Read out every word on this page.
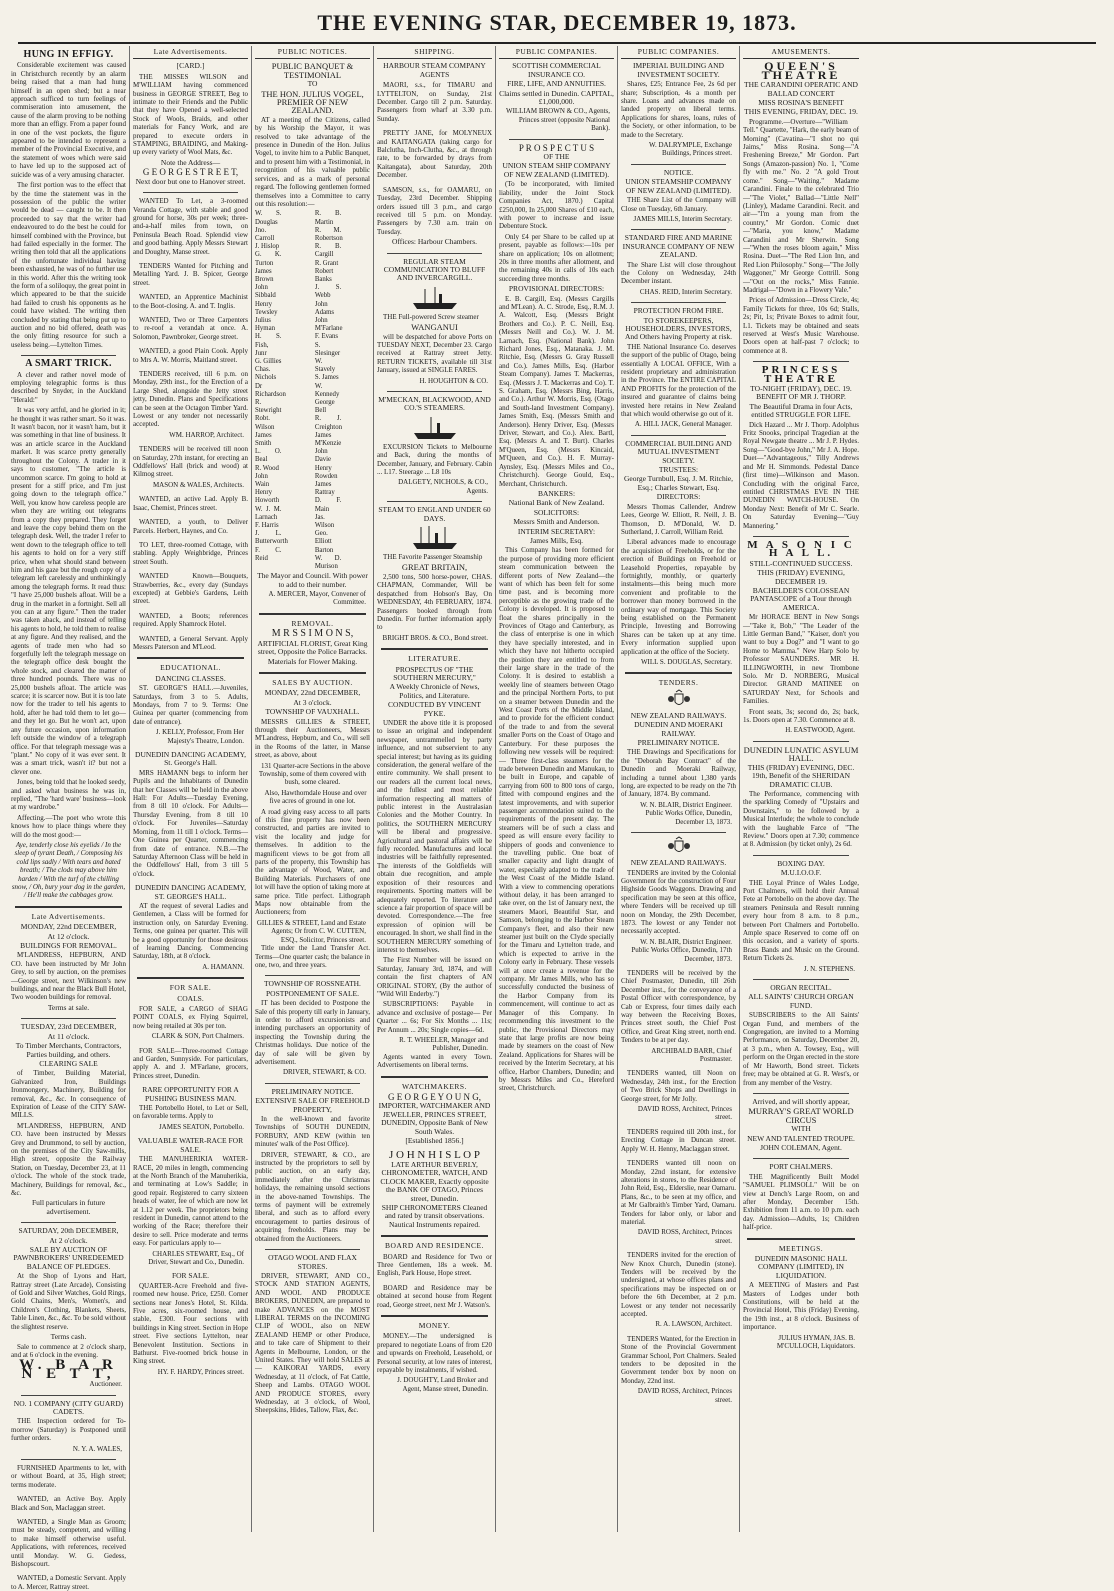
THE EVENING STAR, DECEMBER 19, 1873.
HUNG IN EFFIGY.

Considerable excitement was caused in Christchurch recently by an alarm being raised that a man had hung himself in an open shed; but a near approach sufficed to turn feelings of commiseration into amusement, the cause of the alarm proving to be nothing more than an effigy. From a paper found in one of the vest pockets, the figure appeared to be intended to represent a member of the Provincial Executive, and the statement of woes which were said to have led up to the supposed act of suicide was of a very amusing character.

The first portion was to the effect that by the time the statement was in the possession of the public the writer would be dead — caught to be. It then proceeded to say that the writer had endeavoured to do the best he could for himself combined with the Province, but had failed especially in the former. The writing then told that all the applications of the unfortunate individual having been exhausted, he was of no further use in this world. After this the writing took the form of a soliloquy, the great point in which appeared to be that the suicide had failed to crush his opponents as he could have wished. The writing then concluded by stating that being put up to auction and no bid offered, death was the only fitting resource for such a useless being.—Lyttelton Times.

A SMART TRICK.

A clever and rather novel mode of employing telegraphic forms is thus described by Snyder, in the Auckland "Herald:"

It was very artful, and he gloried in it; he thought it was rather smart. So it was. It wasn't bacon, nor it wasn't ham, but it was something in that line of business. It was an article scarce in the Auckland market. It was scarce pretty generally throughout the Colony. A trader in it says to customer, "The article is uncommon scarce. I'm going to hold at present for a stiff price, and I'm just going down to the telegraph office." Well, you know how careless people are when they are writing out telegrams from a copy they prepared. They forget and leave the copy behind them on the telegraph desk. Well, the trader I refer to went down to the telegraph office to tell his agents to hold on for a very stiff price, when what should stand between him and his gaze but the rough copy of a telegram left carelessly and unthinkingly among the telegraph forms. It read thus: "I have 25,000 bushels afloat. Will be a drug in the market in a fortnight. Sell all you can at any figure." Then the trader was taken aback, and instead of telling his agents to hold, he told them to realise at any figure. And they realised, and the agents of trade men who had so forgetfully left the telegraph message on the telegraph office desk bought the whole stock, and cleared the matter of three hundred pounds. There was no 25,000 bushels afloat. The article was scarce; it is scarcer now. But it is too late now for the trader to tell his agents to hold, after he had told them to let go—and they let go. But he won't act, upon any future occasion, upon information left outside the window of a telegraph office. For that telegraph message was a "plant." No copy of it was ever sent. It was a smart trick, wasn't it? but not a clever one.

Jones, being told that he looked seedy, and asked what business he was in, replied, "The 'hard ware' business—look at my wardrobe."

Affecting.—The poet who wrote this knows how to place things where they will do the most good:—

Aye, tenderly close his eyelids / In the sleep of tyrant Death, / Composing his cold lips sadly / With tears and bated breath; / The clods may above him harden / With the turf of the chilling snow, / Oh, bury your dog in the garden, / He'll make the cabbages grow.

Late Advertisements.
MONDAY, 22nd DECEMBER,
At 12 o'clock.
BUILDINGS FOR REMOVAL.

M'LANDRESS, HEPBURN, AND CO. have been instructed by Mr John Grey, to sell by auction, on the premises—George street, next Wilkinson's new buildings, and near the Black Bull Hotel, Two wooden buildings for removal.

Terms at sale.
TUESDAY, 23rd DECEMBER,
At 11 o'clock.
To Timber Merchants, Contractors, Parties building, and others.
CLEARING SALE

of Timber, Building Material, Galvanized Iron, Buildings Ironmongery, Machinery, Building for removal, &c., &c. In consequence of Expiration of Lease of the CITY SAW-MILLS.

M'LANDRESS, HEPBURN, AND CO. have been instructed by Messrs Grey and Drummond, to sell by auction, on the premises of the City Saw-mills, High street, opposite the Railway Station, on Tuesday, December 23, at 11 o'clock. The whole of the stock trade, Machinery, Buildings for removal, &c., &c.

Full particulars in future advertisement.
SATURDAY, 20th DECEMBER,
At 2 o'clock.
SALE BY AUCTION OF PAWNBROKERS' UNREDEEMED BALANCE OF PLEDGES.

At the Shop of Lyons and Hart, Rattray street (Late Arcade), Consisting of Gold and Silver Watches, Gold Rings, Gold Chains, Men's, Women's, and Children's Clothing, Blankets, Sheets, Table Linen, &c., &c. To be sold without the slightest reserve.

Terms cash.

Sale to commence at 2 o'clock sharp, and at 6 o'clock in the evening.

W. B A R N E T T,
Auctioneer.
NO. 1 COMPANY (CITY GUARD) CADETS.

THE Inspection ordered for To-morrow (Saturday) is Postponed until further orders.

N. Y. A. WALES,

FURNISHED Apartments to let, with or without Board, at 35, High street; terms moderate.

WANTED, an Active Boy. Apply Black and Son, Maclaggan street.

WANTED, a Single Man as Groom; must be steady, competent, and willing to make himself otherwise useful. Applications, with references, received until Monday. W. G. Gedess, Bishopscourt.

WANTED, a Domestic Servant. Apply to A. Mercer, Rattray street.

Late Advertisements.
[CARD.]

THE MISSES WILSON and M'WILLIAM having commenced business in GEORGE STREET, Beg to intimate to their Friends and the Public that they have Opened a well-selected Stock of Wools, Braids, and other materials for Fancy Work, and are prepared to execute orders in STAMPING, BRAIDING, and Making-up every variety of Wool Mats, &c.

Note the Address—
G E O R G E S T R E E T,
Next door but one to Hanover street.

WANTED To Let, a 3-roomed Veranda Cottage, with stable and good ground for horse, 30s per week; three-and-a-half miles from town, on Peninsula Beach Road. Splendid view and good bathing. Apply Messrs Stewart and Doughty, Manse street.

TENDERS Wanted for Pitching and Metalling Yard. J. B. Spicer, George street.

WANTED, an Apprentice Machinist to the Boot-closing. A. and T. Inglis.

WANTED, Two or Three Carpenters to re-roof a verandah at once. A. Solomon, Pawnbroker, George street.

WANTED, a good Plain Cook. Apply to Mrs A. W. Morris, Maitland street.

TENDERS received, till 6 p.m. on Monday, 29th inst., for the Erection of a Large Shed, alongside the Jetty street jetty, Dunedin. Plans and Specifications can be seen at the Octagon Timber Yard. Lowest or any tender not necessarily accepted.

WM. HARROP, Architect.

TENDERS will be received till noon on Saturday, 27th instant, for erecting an Oddfellows' Hall (brick and wood) at Kilmog street.

MASON & WALES, Architects.

WANTED, an active Lad. Apply B. Isaac, Chemist, Princes street.

WANTED, a youth, to Deliver Parcels. Herbert, Haynes, and Co.

TO LET, three-roomed Cottage, with stabling. Apply Weighbridge, Princes street South.

WANTED Known—Bouquets, Strawberries, &c., every day (Sundays excepted) at Gebbie's Gardens, Leith street.

WANTED, a Boots; references required. Apply Shamrock Hotel.

WANTED, a General Servant. Apply Messrs Paterson and M'Leod.

EDUCATIONAL.
DANCING CLASSES.

ST. GEORGE'S HALL.—Juveniles, Saturdays, from 3 to 5. Adults, Mondays, from 7 to 9. Terms: One Guinea per quarter (commencing from date of entrance).

J. KELLY, Professor, From Her Majesty's Theatre, London.
DUNEDIN DANCING ACADEMY, St. George's Hall.

MRS HAMANN begs to inform her Pupils and the Inhabitants of Dunedin that her Classes will be held in the above Hall: For Adults—Tuesday Evening, from 8 till 10 o'clock. For Adults—Thursday Evening, from 8 till 10 o'clock. For Juveniles—Saturday Morning, from 11 till 1 o'clock. Terms—One Guinea per Quarter, commencing from date of entrance. N.B.—The Saturday Afternoon Class will be held in the Oddfellows' Hall, from 3 till 5 o'clock.

DUNEDIN DANCING ACADEMY, ST. GEORGE'S HALL.

AT the request of several Ladies and Gentlemen, a Class will be formed for instruction only, on Saturday Evening. Terms, one guinea per quarter. This will be a good opportunity for those desirous of learning Dancing. Commencing Saturday, 18th, at 8 o'clock.

A. HAMANN.
FOR SALE.
COALS.

FOR SALE, a CARGO of SHAG POINT COALS, ex Flying Squirrel, now being retailed at 30s per ton.

CLARK & SON, Port Chalmers.

FOR SALE—Three-roomed Cottage and Garden, Sunnyside. For particulars, apply A. and J. M'Farlane, grocers, Princes street, Dunedin.

RARE OPPORTUNITY FOR A PUSHING BUSINESS MAN.

THE Portobello Hotel, to Let or Sell, on favorable terms. Apply to

JAMES SEATON, Portobello.
VALUABLE WATER-RACE FOR SALE.

THE MANUHERIKIA WATER-RACE, 20 miles in length, commencing at the North Branch of the Manuherikia, and terminating at Low's Saddle; in good repair. Registered to carry sixteen heads of water, fee of which are now let at 1.12 per week. The proprietors being resident in Dunedin, cannot attend to the working of the Race; therefore their desire to sell. Price moderate and terms easy. For particulars apply to—

CHARLES STEWART, Esq., Of Driver, Stewart and Co., Dunedin.
FOR SALE.

QUARTER-Acre Freehold and five-roomed new house. Price, £250. Corner sections near Jones's Hotel, St. Kilda. Five acres, six-roomed house, and stable, £300. Four sections with buildings in King street. Section in Hope street. Five sections Lyttelton, near Benevolent Institution. Sections in Bathurst. Five-roomed brick house in King street.

HY. F. HARDY, Princes street.
PUBLIC NOTICES.
PUBLIC BANQUET & TESTIMONIAL
TO
THE HON. JULIUS VOGEL, PREMIER OF NEW ZEALAND.

AT a meeting of the Citizens, called by his Worship the Mayor, it was resolved to take advantage of the presence in Dunedin of the Hon. Julius Vogel, to invite him to a Public Banquet, and to present him with a Testimonial, in recognition of his valuable public services, and as a mark of personal regard. The following gentlemen formed themselves into a Committee to carry out this resolution:—

W. S. Douglas
Jno. Carroll
J. Hislop
G. K. Turton
James Brown
John Sibbald
Henry Tewsley
Julius Hyman
H. S. Fish, Junr
G. Gillies
Chas. Nichols
Dr Richardson
R. Stewright
Robt. Wilson
James Smith
L. O. Beal
R. Wood
John Wain
Henry Howorth
W. J. M. Larnach
F. Harris
J. L. Butterworth
F. C. Reid
R. B. Martin
R. M. Robertson
R. B. Cargill
R. Grant
Robert Banks
J. S. Webb
John Adams
John M'Farlane
F. Evans
S. Slesinger
W. Stavely
S. James
W. Kennedy
George Bell
R. J. Creighton
James M'Kenzie
John Davie
Henry Rowden
James Rattray
D. F. Main
Jas. Wilson
Geo. Elliott Barton
W. D. Murison
The Mayor and Council. With power to add to their number.
A. MERCER, Mayor, Convener of Committee.
REMOVAL.
M R S S I M O N S,
ARTIFICIAL FLORIST, Great King street, Opposite the Police Barracks.
Materials for Flower Making.
SALES BY AUCTION.
MONDAY, 22nd DECEMBER,
At 3 o'clock.
TOWNSHIP OF VAUXHALL.

MESSRS GILLIES & STREET, through their Auctioneers, Messrs M'Landress, Hepburn, and Co., will sell in the Rooms of the latter, in Manse street, as above, about

131 Quarter-acre Sections in the above Township, some of them covered with bush, some cleared.

Also, Hawthorndale House and over five acres of ground in one lot.

A road giving easy access to all parts of this fine property has now been constructed, and parties are invited to visit the locality and judge for themselves. In addition to the magnificent views to be got from all parts of the property, this Township has the advantage of Wood, Water, and Building Materials. Purchasers of one lot will have the option of taking more at same price. Title perfect. Lithograph Maps now obtainable from the Auctioneers; from

GILLIES & STREET, Land and Estate Agents; Or from C. W. CUTTEN, ESQ., Solicitor, Princes street.

Title under the Land Transfer Act. Terms—One quarter cash; the balance in one, two, and three years.

TOWNSHIP OF ROSSNEATH.
POSTPONEMENT OF SALE.

IT has been decided to Postpone the Sale of this property till early in January, in order to afford excursionists and intending purchasers an opportunity of inspecting the Township during the Christmas holidays. Due notice of the day of sale will be given by advertisement.

DRIVER, STEWART, & CO.
PRELIMINARY NOTICE.
EXTENSIVE SALE OF FREEHOLD PROPERTY,

In the well-known and favorite Townships of SOUTH DUNEDIN, FORBURY, AND KEW (within ten minutes' walk of the Post Office).

DRIVER, STEWART, & CO., are instructed by the proprietors to sell by public auction, on an early day, immediately after the Christmas holidays, the remaining unsold sections in the above-named Townships. The terms of payment will be extremely liberal, and such as to afford every encouragement to parties desirous of acquiring freeholds. Plans may be obtained from the Auctioneers.

OTAGO WOOL AND FLAX STORES.

DRIVER, STEWART, AND CO., STOCK AND STATION AGENTS, AND WOOL AND PRODUCE BROKERS, DUNEDIN, are prepared to make ADVANCES on the MOST LIBERAL TERMS on the INCOMING CLIP of WOOL, also on NEW ZEALAND HEMP or other Produce, and to take care of Shipment to their Agents in Melbourne, London, or the United States. They will hold SALES at— KAIKORAI YARDS, every Wednesday, at 11 o'clock, of Fat Cattle, Sheep and Lambs. OTAGO WOOL AND PRODUCE STORES, every Wednesday, at 3 o'clock, of Wool, Sheepskins, Hides, Tallow, Flax, &c.

SHIPPING.
HARBOUR STEAM COMPANY AGENTS

MAORI, s.s., for TIMARU and LYTTELTON, on Sunday, 21st December. Cargo till 2 p.m. Saturday. Passengers from wharf at 3.30 p.m. Sunday.

PRETTY JANE, for MOLYNEUX and KAITANGATA (taking cargo for Balclutha, Inch-Clutha, &c., at through rate, to be forwarded by drays from Kaitangata), about Saturday, 20th December.

SAMSON, s.s., for OAMARU, on Tuesday, 23rd December. Shipping orders issued till 3 p.m., and cargo received till 5 p.m. on Monday. Passengers by 7.30 a.m. train on Tuesday.

Offices: Harbour Chambers.
REGULAR STEAM COMMUNICATION TO BLUFF AND INVERCARGILL.

THE Full-powered Screw steamer

WANGANUI

will be despatched for above Ports on TUESDAY NEXT, December 23. Cargo received at Rattray street Jetty. RETURN TICKETS, available till 31st January, issued at SINGLE FARES.

H. HOUGHTON & CO.
M'MECKAN, BLACKWOOD, AND CO.'S STEAMERS.

EXCURSION Tickets to Melbourne and Back, during the months of December, January, and February. Cabin ... L17. Steerage ... L8 10s

DALGETY, NICHOLS, & CO., Agents.
STEAM TO ENGLAND UNDER 60 DAYS.

THE Favorite Passenger Steamship

GREAT BRITAIN,

2,500 tons, 500 horse-power, CHAS. CHAPMAN, Commander, Will be despatched from Hobson's Bay, On WEDNESDAY, 4th FEBRUARY, 1874. Passengers booked through from Dunedin. For further information apply to

BRIGHT BROS. & CO., Bond street.
LITERATURE.
PROSPECTUS OF "THE SOUTHERN MERCURY,"
A Weekly Chronicle of News, Politics, and Literature.
CONDUCTED BY VINCENT PYKE.

UNDER the above title it is proposed to issue an original and independent newspaper, untrammelled by party influence, and not subservient to any special interest; but having as its guiding consideration, the general welfare of the entire community. We shall present to our readers all the current local news, and the fullest and most reliable information respecting all matters of public interest in the Australasian Colonies and the Mother Country. In politics, the SOUTHERN MERCURY will be liberal and progressive. Agricultural and pastoral affairs will be fully recorded. Manufactures and local industries will be faithfully represented. The interests of the Goldfields will obtain due recognition, and ample exposition of their resources and requirements. Sporting matters will be adequately reported. To literature and science a fair proportion of space will be devoted. Correspondence.—The free expression of opinion will be encouraged. In short, we shall find in the SOUTHERN MERCURY something of interest to themselves.

The First Number will be issued on Saturday, January 3rd, 1874, and will contain the first chapters of AN ORIGINAL STORY, (By the author of "Wild Will Enderby.")

SUBSCRIPTIONS: Payable in advance and exclusive of postage— Per Quarter ... 6s; For Six Months ... 11s; Per Annum ... 20s; Single copies—6d.

R. T. WHEELER, Manager and Publisher, Dunedin.

Agents wanted in every Town. Advertisements on liberal terms.

WATCHMAKERS.
G E O R G E Y O U N G,
IMPORTER, WATCHMAKER AND JEWELLER, PRINCES STREET, DUNEDIN, Opposite Bank of New South Wales.
[Established 1856.]
J O H N H I S L O P
LATE ARTHUR BEVERLY, CHRONOMETER, WATCH, AND CLOCK MAKER, Exactly opposite the BANK OF OTAGO, Princes street, Dunedin.
SHIP CHRONOMETERS Cleaned and rated by transit observations. Nautical Instruments repaired.
BOARD AND RESIDENCE.

BOARD and Residence for Two or Three Gentlemen, 18s a week. M. English, Park House, Hope street.

BOARD and Residence may be obtained at second house from Regent road, George street, next Mr J. Watson's.

MONEY.

MONEY.—The undersigned is prepared to negotiate Loans of from £20 and upwards on Freehold, Leasehold, or Personal security, at low rates of interest, repayable by instalments, if wished.

J. DOUGHTY, Land Broker and Agent, Manse street, Dunedin.
PUBLIC COMPANIES.
SCOTTISH COMMERCIAL INSURANCE CO.
FIRE, LIFE, AND ANNUITIES.
Claims settled in Dunedin. CAPITAL, £1,000,000.
WILLIAM BROWN & CO., Agents, Princes street (opposite National Bank).
P R O S P E C T U S
OF THE
UNION STEAM SHIP COMPANY OF NEW ZEALAND (LIMITED).

(To be incorporated, with limited liability, under the Joint Stock Companies Act, 1870.) Capital £250,000, In 25,000 Shares of £10 each, with power to increase and issue Debenture Stock.

Only £4 per Share to be called up at present, payable as follows:—10s per share on application; 10s on allotment; 20s in three months after allotment, and the remaining 40s in calls of 10s each succeeding three months.

PROVISIONAL DIRECTORS:

E. B. Cargill, Esq. (Messrs Cargills and M'Lean). A. C. Strode, Esq., R.M. J. A. Walcott, Esq. (Messrs Bright Brothers and Co.). P. C. Neill, Esq. (Messrs Neill and Co.). W. J. M. Larnach, Esq. (National Bank). John Richard Jones, Esq., Matanaka. J. M. Ritchie, Esq. (Messrs G. Gray Russell and Co.). James Mills, Esq. (Harbor Steam Company). James T. Mackerras, Esq. (Messrs J. T. Mackerras and Co). T. S. Graham, Esq. (Messrs Bing, Harris, and Co.). Arthur W. Morris, Esq. (Otago and South-land Investment Company). James Smith, Esq. (Messrs Smith and Anderson). Henry Driver, Esq. (Messrs Driver, Stewart, and Co.). Alex. Bartl, Esq. (Messrs A. and T. Burt). Charles M'Queen, Esq. (Messrs Kincaid, M'Queen, and Co.). H. F. Murray-Aynsley, Esq. (Messrs Miles and Co., Christchurch). George Gould, Esq., Merchant, Christchurch.

BANKERS:
National Bank of New Zealand.
SOLICITORS:
Messrs Smith and Anderson.
INTERIM SECRETARY:
James Mills, Esq.

This Company has been formed for the purpose of providing more efficient steam communication between the different ports of New Zealand—the want of which has been felt for some time past, and is becoming more perceptible as the growing trade of the Colony is developed. It is proposed to float the shares principally in the Provinces of Otago and Canterbury, as the class of enterprise is one in which they have specially interested, and in which they have not hitherto occupied the position they are entitled to from their large share in the trade of the Colony. It is desired to establish a weekly line of steamers between Otago and the principal Northern Ports, to put on a steamer between Dunedin and the West Coast Ports of the Middle Island, and to provide for the efficient conduct of the trade to and from the several smaller Ports on the Coast of Otago and Canterbury. For these purposes the following new vessels will be required:— Three first-class steamers for the trade between Dunedin and Manukau, to be built in Europe, and capable of carrying from 600 to 800 tons of cargo, fitted with compound engines and the latest improvements, and with superior passenger accommodation suited to the requirements of the present day. The steamers will be of such a class and speed as will ensure every facility to shippers of goods and convenience to the travelling public. One boat of smaller capacity and light draught of water, especially adapted to the trade of the West Coast of the Middle Island. With a view to commencing operations without delay, it has been arranged to take over, on the 1st of January next, the steamers Maori, Beautiful Star, and Samson, belonging to the Harbor Steam Company's fleet, and also their new steamer just built on the Clyde specially for the Timaru and Lyttelton trade, and which is expected to arrive in the Colony early in February. These vessels will at once create a revenue for the company. Mr James Mills, who has so successfully conducted the business of the Harbor Company from its commencement, will continue to act as Manager of this Company. In recommending this investment to the public, the Provisional Directors may state that large profits are now being made by steamers on the coast of New Zealand. Applications for Shares will be received by the Interim Secretary, at his office, Harbor Chambers, Dunedin; and by Messrs Miles and Co., Hereford street, Christchurch.

PUBLIC COMPANIES.
IMPERIAL BUILDING AND INVESTMENT SOCIETY.

Shares, £25; Entrance Fee, 2s 6d per share; Subscription, 4s a month per share. Loans and advances made on landed property on liberal terms. Applications for shares, loans, rules of the Society, or other information, to be made to the Secretary.

W. DALRYMPLE, Exchange Buildings, Princes street.
NOTICE.
UNION STEAMSHIP COMPANY OF NEW ZEALAND (LIMITED).

THE Share List of the Company will Close on Tuesday, 6th January.

JAMES MILLS, Interim Secretary.
STANDARD FIRE AND MARINE INSURANCE COMPANY OF NEW ZEALAND.

The Share List will close throughout the Colony on Wednesday, 24th December instant.

CHAS. REID, Interim Secretary.
PROTECTION FROM FIRE.
TO STOREKEEPERS, HOUSEHOLDERS, INVESTORS, And Others having Property at risk.

THE National Insurance Co. deserves the support of the public of Otago, being essentially A LOCAL OFFICE, With a resident proprietary and administration in the Province. The ENTIRE CAPITAL AND PROFITS for the protection of the insured and guarantee of claims being invested here retains in New Zealand that which would otherwise go out of it.

A. HILL JACK, General Manager.
COMMERCIAL BUILDING AND MUTUAL INVESTMENT SOCIETY.
TRUSTEES:
George Turnbull, Esq. J. M. Ritchie, Esq.; Charles Stewart, Esq.
DIRECTORS:

Messrs Thomas Callender, Andrew Lees, George W. Elliott, R. Neill, J. B. Thomson, D. M'Donald, W. D. Sutherland, J. Carroll, William Reid.

Liberal advances made to encourage the acquisition of Freeholds, or for the erection of Buildings on Freehold or Leasehold Properties, repayable by fortnightly, monthly, or quarterly instalments—this being much more convenient and profitable to the borrower than money borrowed in the ordinary way of mortgage. This Society being established on the Permanent Principle, Investing and Borrowing Shares can be taken up at any time. Every information supplied upon application at the office of the Society.

WILL S. DOUGLAS, Secretary.
TENDERS.
NEW ZEALAND RAILWAYS.
DUNEDIN AND MOERAKI RAILWAY.
PRELIMINARY NOTICE.

THE Drawings and Specifications for the "Deborah Bay Contract" of the Dunedin and Moeraki Railway, including a tunnel about 1,380 yards long, are expected to be ready on the 7th of January, 1874. By command.

W. N. BLAIR, District Engineer. Public Works Office, Dunedin, December 13, 1873.
NEW ZEALAND RAILWAYS.

TENDERS are invited by the Colonial Government for the construction of Four Highside Goods Waggons. Drawing and specification may be seen at this office, where Tenders will be received up till noon on Monday, the 29th December, 1873. The lowest or any Tender not necessarily accepted.

W. N. BLAIR, District Engineer. Public Works Office, Dunedin, 17th December, 1873.

TENDERS will be received by the Chief Postmaster, Dunedin, till 26th December inst., for the conveyance of a Postal Officer with correspondence, by Cab or Express, four times daily each way between the Receiving Boxes, Princes street south, the Chief Post Office, and Great King street, north end. Tenders to be at per day.

ARCHIBALD BARR, Chief Postmaster.

TENDERS wanted, till Noon on Wednesday, 24th inst., for the Erection of Two Brick Shops and Dwellings in George street, for Mr Jolly.

DAVID ROSS, Architect, Princes street.

TENDERS required till 20th inst., for Erecting Cottage in Duncan street. Apply W. H. Henny, Maclaggan street.

TENDERS wanted till noon on Monday, 22nd instant, for extensive alterations in stores, to the Residence of John Reid, Esq., Elderslie, near Oamaru. Plans, &c., to be seen at my office, and at Mr Galbraith's Timber Yard, Oamaru. Tenders for labor only, or labor and material.

DAVID ROSS, Architect, Princes street.

TENDERS invited for the erection of New Knox Church, Dunedin (stone). Tenders will be received by the undersigned, at whose offices plans and specifications may be inspected on or before the 6th December, at 2 p.m. Lowest or any tender not necessarily accepted.

R. A. LAWSON, Architect.

TENDERS Wanted, for the Erection in Stone of the Provincial Government Grammar School, Port Chalmers. Sealed tenders to be deposited in the Government tender box by noon on Monday, 22nd inst.

DAVID ROSS, Architect, Princes street.
AMUSEMENTS.
QUEEN'S THEATRE
THE CARANDINI OPERATIC AND BALLAD CONCERT
MISS ROSINA'S BENEFIT
THIS EVENING, FRIDAY, DEC. 19.

Programme.—Overture—"William Tell." Quartette, "Hark, the early beam of Morning" (Cavatina—"I shot no qui Jaims," Miss Rosina. Song—"A Freshening Breeze," Mr Gordon. Part Songs (Amazon-passion) No. 1, "Come fly with me." No. 2 "A gold Trout come." Song—"Waiting." Madame Carandini. Finale to the celebrated Trio—"The Violet," Ballad—"Little Nell" (Linley), Madame Carandini. Recit. and air—"I'm a young man from the country," Mr Gordon. Comic duet—"Maria, you know," Madame Carandini and Mr Sherwin. Song—"When the roses bloom again," Miss Rosina. Duet—"The Red Lion Inn, and Red Lion Philosophy." Song—"The Jolly Waggoner," Mr George Cottrill. Song—"Out on the rocks," Miss Fannie. Madrigal—"Down in a Flowery Vale."

Prices of Admission—Dress Circle, 4s; Family Tickets for three, 10s 6d; Stalls, 2s; Pit, 1s; Private Boxes to admit four, L1. Tickets may be obtained and seats reserved at West's Music Warehouse. Doors open at half-past 7 o'clock; to commence at 8.

PRINCESS THEATRE
TO-NIGHT (FRIDAY), DEC. 19. BENEFIT OF MR J. THORP.
The Beautiful Drama in four Acts, entitled STRUGGLE FOR LIFE.

Dick Hazard ... Mr J. Thorp. Adolphus Fritz Snooks, principal Tragedian at the Royal Newgate theatre ... Mr J. P. Hydes. Song—"Good-bye John," Mr J. A. Hope. Duet—"Advantageous," Tilly Andrews and Mr H. Simmonds. Pedestal Dance (first time)—Wilkinson and Mason. Concluding with the original Farce, entitled CHRISTMAS EVE IN THE DUNEDIN WATCH-HOUSE. On Monday Next: Benefit of Mr C. Searle. On Saturday Evening—"Guy Mannering."

M A S O N I C H A L L.
STILL-CONTINUED SUCCESS.
THIS (FRIDAY) EVENING, DECEMBER 19.
BACHELDER'S COLOSSEAN PANTASCOPE of a Tour through AMERICA.

Mr HORACE BENT in New Songs—"Take it, Bob," "The Leader of the Little German Band," "Kaiser, don't you want to buy a Dog?" and "I want to go Home to Mamma." New Harp Solo by Professor SAUNDERS. MR H. ILLINGWORTH, in new Trombone Solo. Mr D. NORBERG, Musical Director. GRAND MATINEE on SATURDAY Next, for Schools and Families.

Front seats, 3s; second do, 2s; back, 1s. Doors open at 7.30. Commence at 8.

H. EASTWOOD, Agent.
DUNEDIN LUNATIC ASYLUM HALL.
THIS (FRIDAY) EVENING, DEC. 19th, Benefit of the SHERIDAN DRAMATIC CLUB.

The Performance, commencing with the sparkling Comedy of "Upstairs and Downstairs," to be followed by a Musical Interlude; the whole to conclude with the laughable Farce of "The Review." Doors open at 7.30; commence at 8. Admission (by ticket only), 2s 6d.

BOXING DAY.
M.U.I.O.O.F.

THE Loyal Prince of Wales Lodge, Port Chalmers, will hold their Annual Fete at Portobello on the above day. The steamers Peninsula and Result running every hour from 8 a.m. to 8 p.m., between Port Chalmers and Portobello. Ample space Reserved to come off on this occasion, and a variety of sports. Brass Bands and Music on the Ground. Return Tickets 2s.

J. N. STEPHENS.
ORGAN RECITAL.
ALL SAINTS' CHURCH ORGAN FUND.

SUBSCRIBERS to the All Saints' Organ Fund, and members of the Congregation, are invited to a Morning Performance, on Saturday, December 20, at 3 p.m., when A. Towsey, Esq., will perform on the Organ erected in the store of Mr Haworth, Bond street. Tickets free; may be obtained at G. R. West's, or from any member of the Vestry.

Arrived, and will shortly appear,
MURRAY'S GREAT WORLD CIRCUS
WITH
NEW AND TALENTED TROUPE.
JOHN COLEMAN, Agent.
PORT CHALMERS.

THE Magnificently Built Model "SAMUEL PLIMSOLL" Will be on view at Dench's Large Room, on and after Monday, December 15th. Exhibition from 11 a.m. to 10 p.m. each day. Admission—Adults, 1s; Children half-price.

MEETINGS.
DUNEDIN MASONIC HALL COMPANY (LIMITED), IN LIQUIDATION.

A MEETING of Masters and Past Masters of Lodges under both Constitutions, will be held at the Provincial Hotel, This (Friday) Evening, the 19th inst., at 8 o'clock. Business of importance.

JULIUS HYMAN, JAS. B. M'CULLOCH, Liquidators.
